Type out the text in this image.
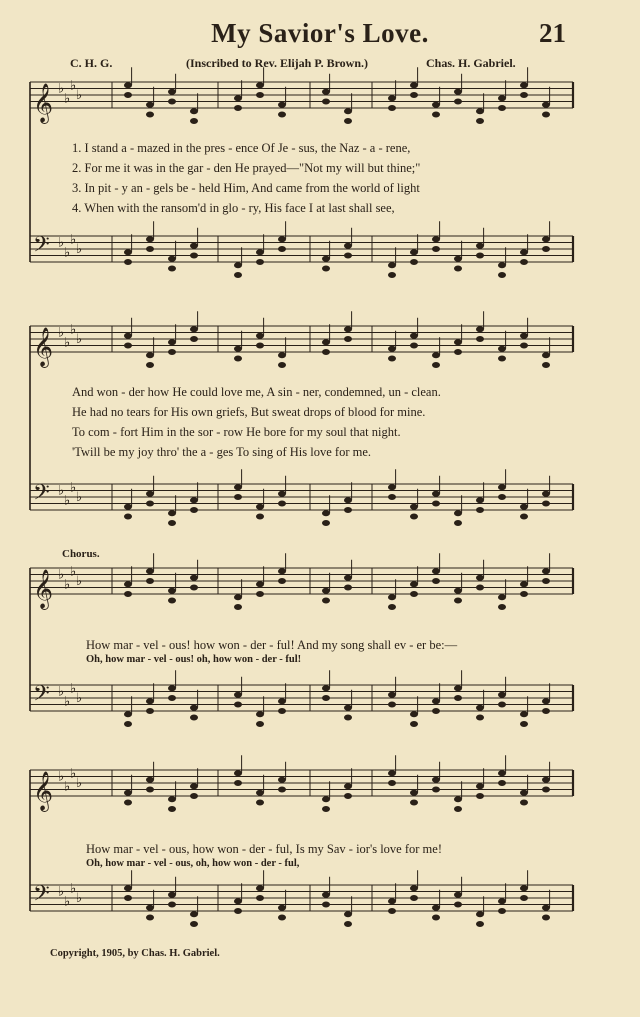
𝄞 ♭
♭
♭
♭
𝄢 ♭
♭
♭
♭
𝄞 ♭
♭
♭
♭
𝄢 ♭
♭
♭
♭
𝄞 ♭
♭
♭
♭
𝄢 ♭
♭
♭
♭
𝄞 ♭
♭
♭
♭
𝄢 ♭
♭
♭
♭
My Savior's Love.	21
C. H. G.	(Inscribed to Rev. Elijah P. Brown.)	Chas. H. Gabriel.
1. I stand a - mazed in the pres - ence Of Je - sus, the Naz - a - rene,
2. For me it was in the gar - den He prayed—"Not my will but thine;"
3. In pit - y an - gels be - held Him, And came from the world of light
4. When with the ransom'd in glo - ry, His face I at last shall see,
And won - der how He could love me, A sin - ner, condemned, un - clean.
He had no tears for His own griefs, But sweat drops of blood for mine.
To com - fort Him in the sor - row He bore for my soul that night.
'Twill be my joy thro' the a - ges To sing of His love for me.
Chorus.
How mar - vel - ous! how won - der - ful! And my song shall ev - er be:—
Oh, how mar - vel - ous! oh, how won - der - ful!
How mar - vel - ous, how won - der - ful, Is my Sav - ior's love for me!
Oh, how mar - vel - ous, oh, how won - der - ful,
Copyright, 1905, by Chas. H. Gabriel.
